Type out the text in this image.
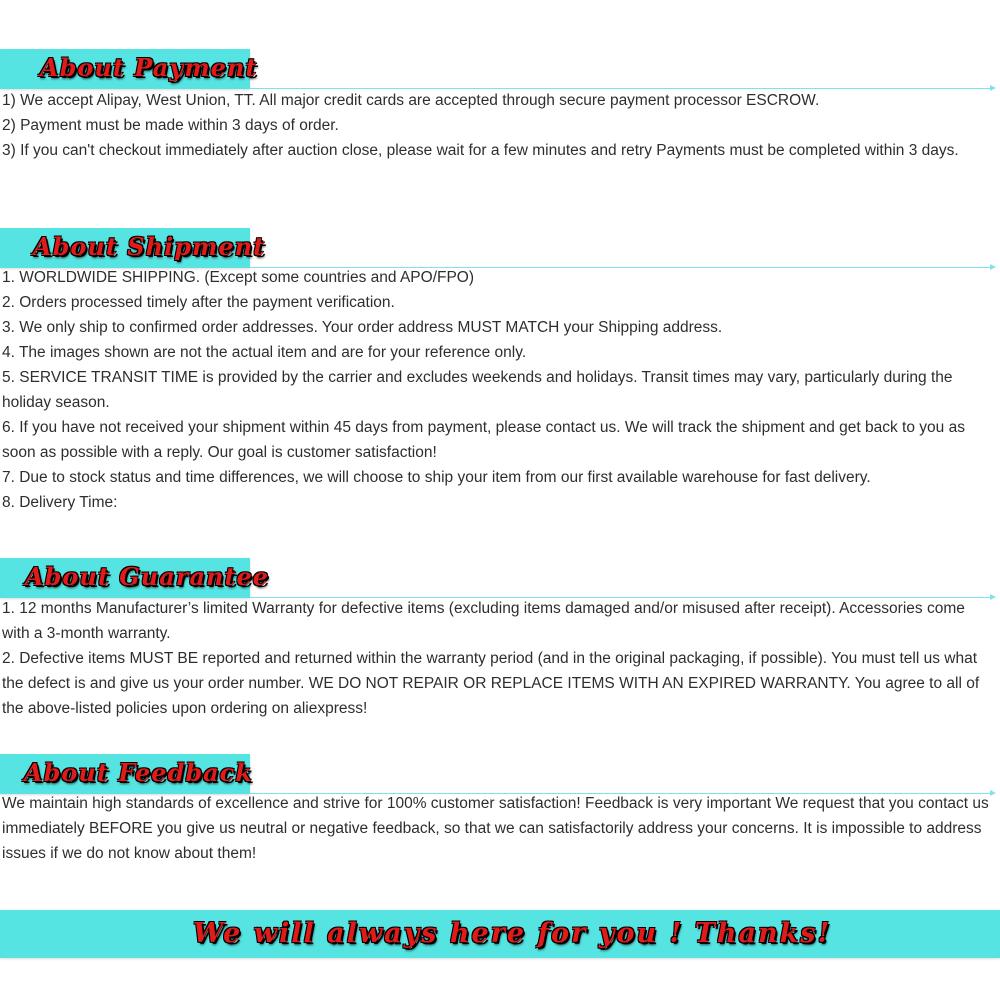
About Payment

1) We accept Alipay, West Union, TT. All major credit cards are accepted through secure payment processor ESCROW.

2) Payment must be made within 3 days of order.

3) If you can't checkout immediately after auction close, please wait for a few minutes and retry Payments must be completed within 3 days.

About Shipment

1. WORLDWIDE SHIPPING. (Except some countries and APO/FPO)

2. Orders processed timely after the payment verification.

3. We only ship to confirmed order addresses. Your order address MUST MATCH your Shipping address.

4. The images shown are not the actual item and are for your reference only.

5. SERVICE TRANSIT TIME is provided by the carrier and excludes weekends and holidays. Transit times may vary, particularly during the holiday season.

6. If you have not received your shipment within 45 days from payment, please contact us. We will track the shipment and get back to you as soon as possible with a reply. Our goal is customer satisfaction!

7. Due to stock status and time differences, we will choose to ship your item from our first available warehouse for fast delivery.

8. Delivery Time:

About Guarantee

1. 12 months Manufacturer’s limited Warranty for defective items (excluding items damaged and/or misused after receipt). Accessories come with a 3-month warranty.

2. Defective items MUST BE reported and returned within the warranty period (and in the original packaging, if possible). You must tell us what the defect is and give us your order number. WE DO NOT REPAIR OR REPLACE ITEMS WITH AN EXPIRED WARRANTY. You agree to all of the above-listed policies upon ordering on aliexpress!

About Feedback

We maintain high standards of excellence and strive for 100% customer satisfaction! Feedback is very important We request that you contact us immediately BEFORE you give us neutral or negative feedback, so that we can satisfactorily address your concerns. It is impossible to address issues if we do not know about them!

We will always here for you ! Thanks!
